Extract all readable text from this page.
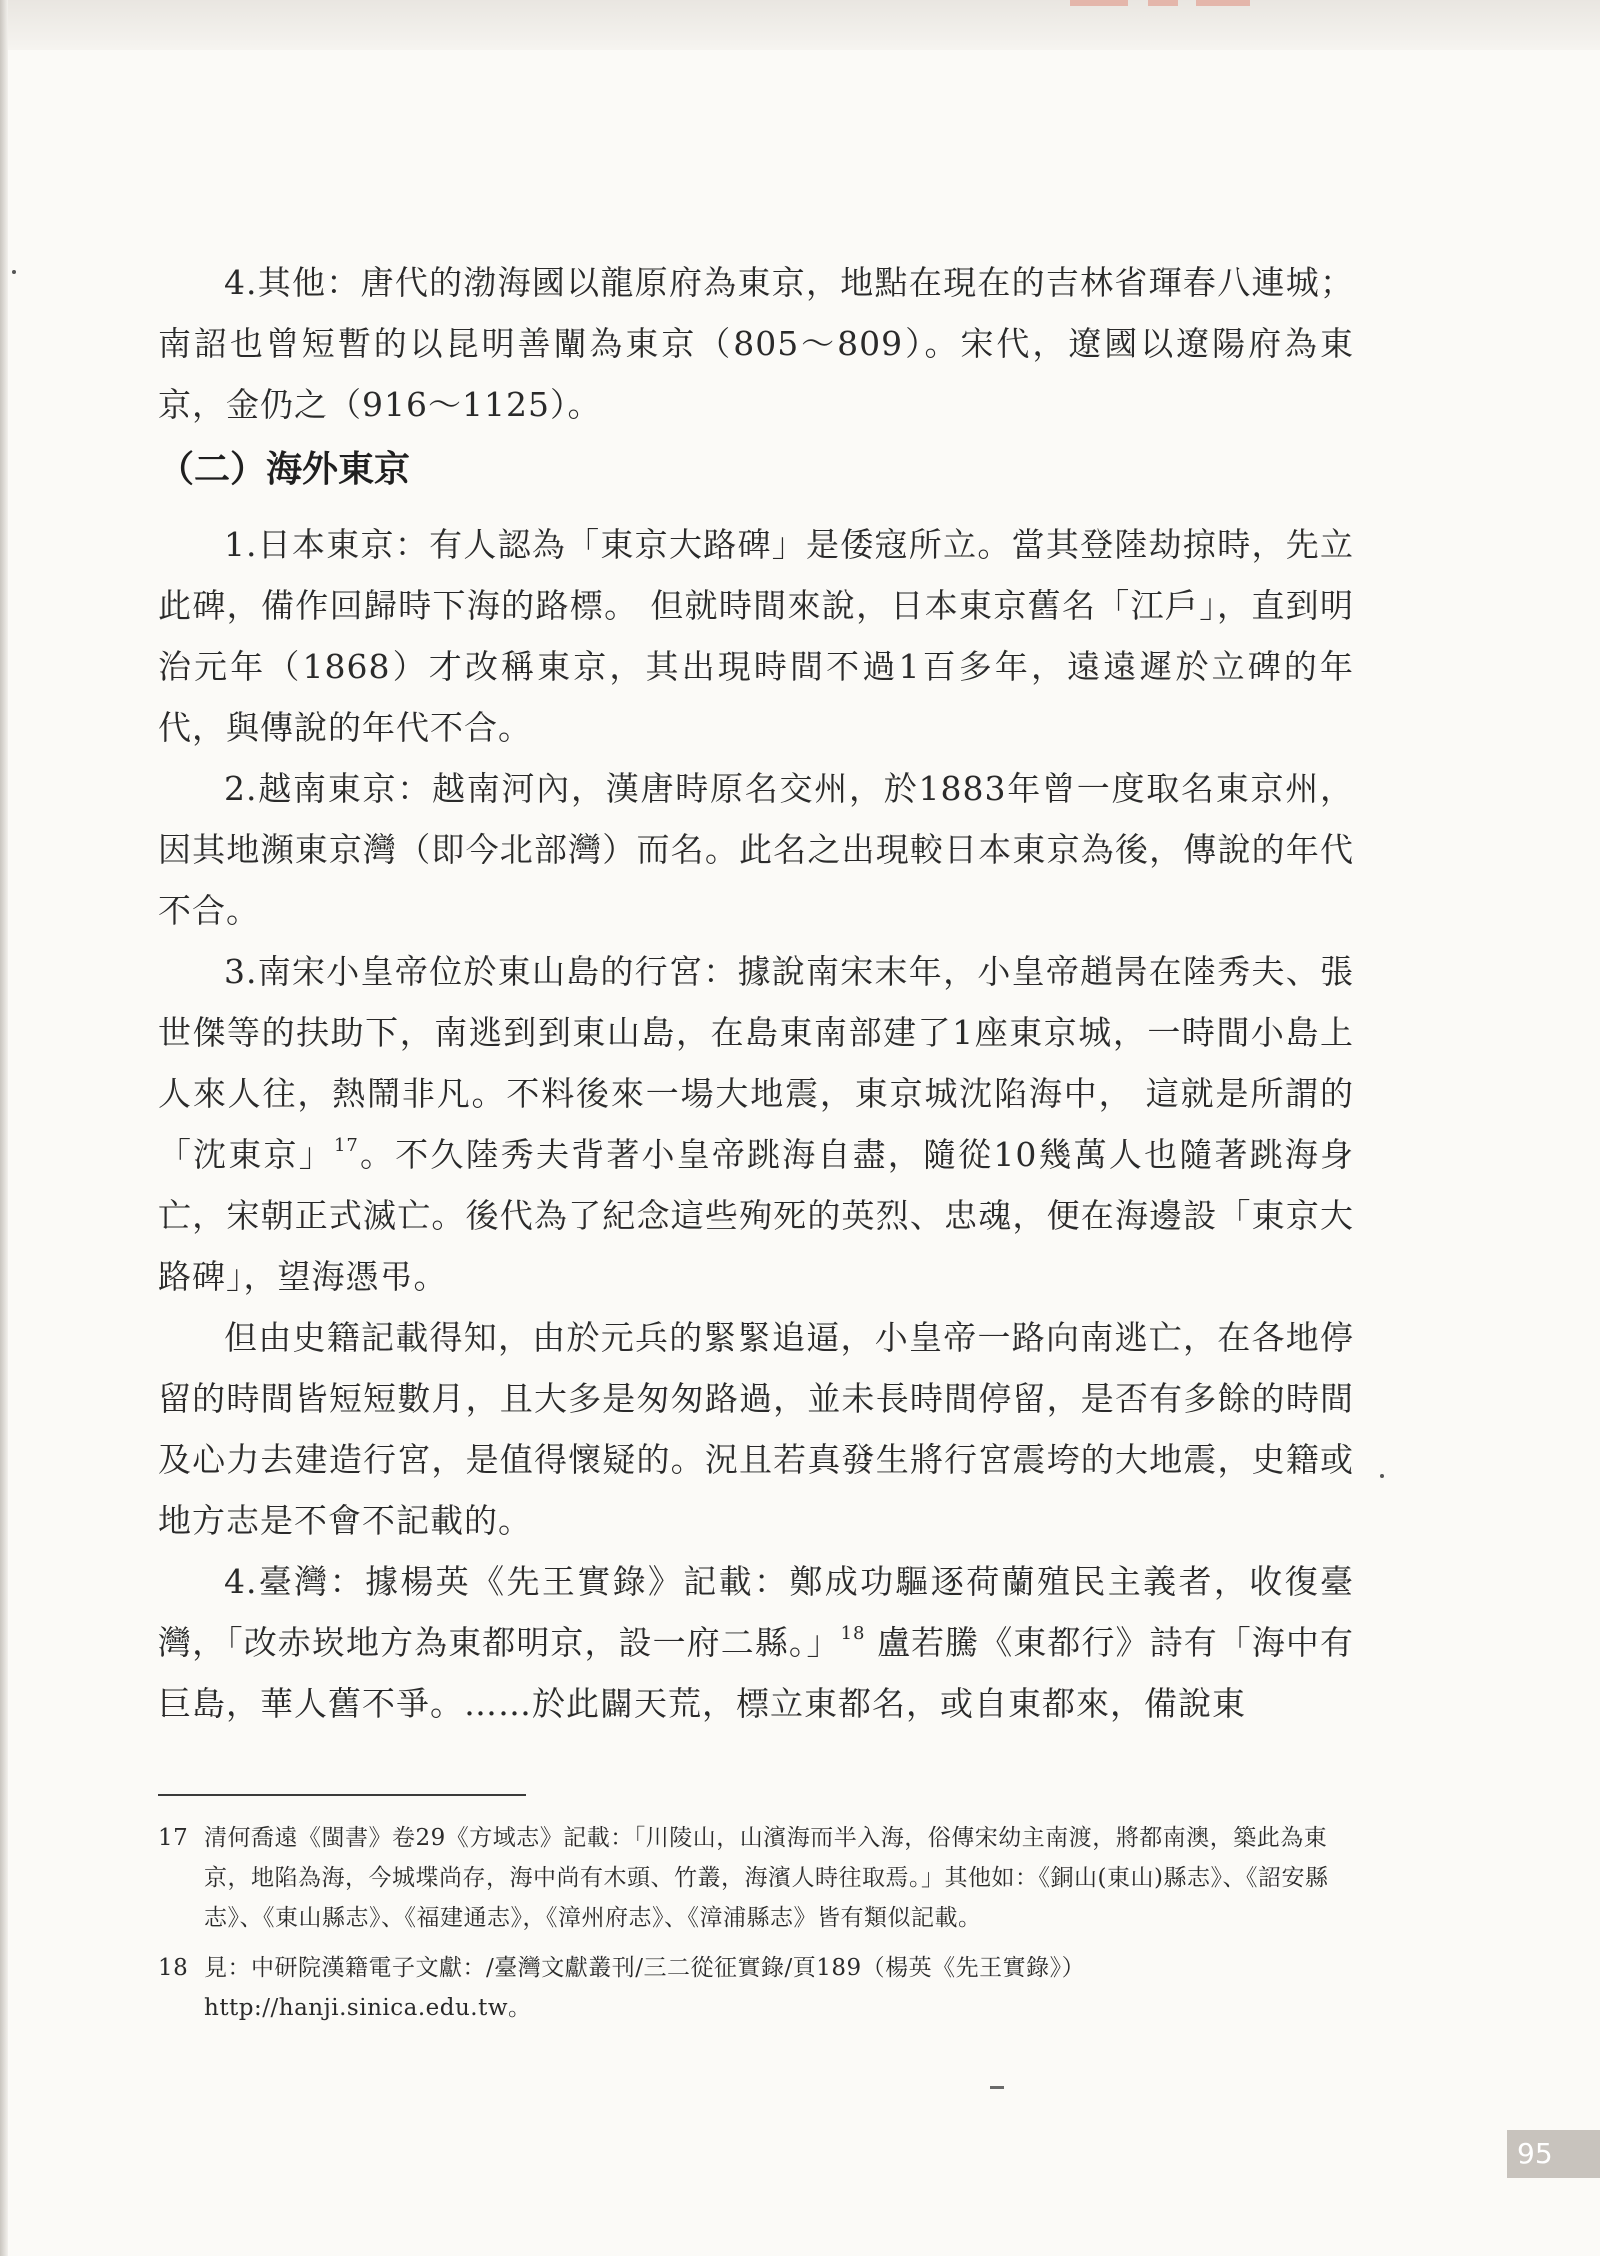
4.其他：唐代的渤海國以龍原府為東京，地點在現在的吉林省琿春八連城；南詔也曾短暫的以昆明善闡為東京（805～809）。宋代，遼國以遼陽府為東京，金仍之（916～1125）。

（二）海外東京

1.日本東京：有人認為「東京大路碑」是倭寇所立。當其登陸劫掠時，先立此碑，備作回歸時下海的路標。 但就時間來說，日本東京舊名「江戶」，直到明治元年（1868）才改稱東京，其出現時間不過1百多年，遠遠遲於立碑的年代，與傳說的年代不合。

2.越南東京：越南河內，漢唐時原名交州，於1883年曾一度取名東京州，因其地瀕東京灣（即今北部灣）而名。此名之出現較日本東京為後，傳說的年代不合。

3.南宋小皇帝位於東山島的行宮：據說南宋末年，小皇帝趙昺在陸秀夫、張世傑等的扶助下，南逃到到東山島，在島東南部建了1座東京城，一時間小島上人來人往，熱鬧非凡。不料後來一場大地震，東京城沈陷海中， 這就是所謂的「沈東京」$^{17}$。不久陸秀夫背著小皇帝跳海自盡，隨從10幾萬人也隨著跳海身亡，宋朝正式滅亡。後代為了紀念這些殉死的英烈、忠魂，便在海邊設「東京大路碑」，望海憑弔。

但由史籍記載得知，由於元兵的緊緊追逼，小皇帝一路向南逃亡，在各地停留的時間皆短短數月，且大多是匆匆路過，並未長時間停留，是否有多餘的時間及心力去建造行宮，是值得懷疑的。況且若真發生將行宮震垮的大地震，史籍或地方志是不會不記載的。

4.臺灣：據楊英《先王實錄》記載：鄭成功驅逐荷蘭殖民主義者，收復臺灣，「改赤崁地方為東都明京，設一府二縣。」$^{18}$ 盧若騰《東都行》詩有「海中有巨島，華人舊不爭。……於此闢天荒，標立東都名，或自東都來，備說東

17 清何喬遠《閩書》卷29《方域志》記載：「川陵山，山濱海而半入海，俗傳宋幼主南渡，將都南澳，築此為東京，地陷為海，今城堞尚存，海中尚有木頭、竹叢，海濱人時往取焉。」其他如：《銅山(東山)縣志》、《詔安縣志》、《東山縣志》、《福建通志》，《漳州府志》、《漳浦縣志》皆有類似記載。
18 見：中研院漢籍電子文獻：/臺灣文獻叢刊/三二從征實錄/頁189（楊英《先王實錄》）http://hanji.sinica.edu.tw。
95
